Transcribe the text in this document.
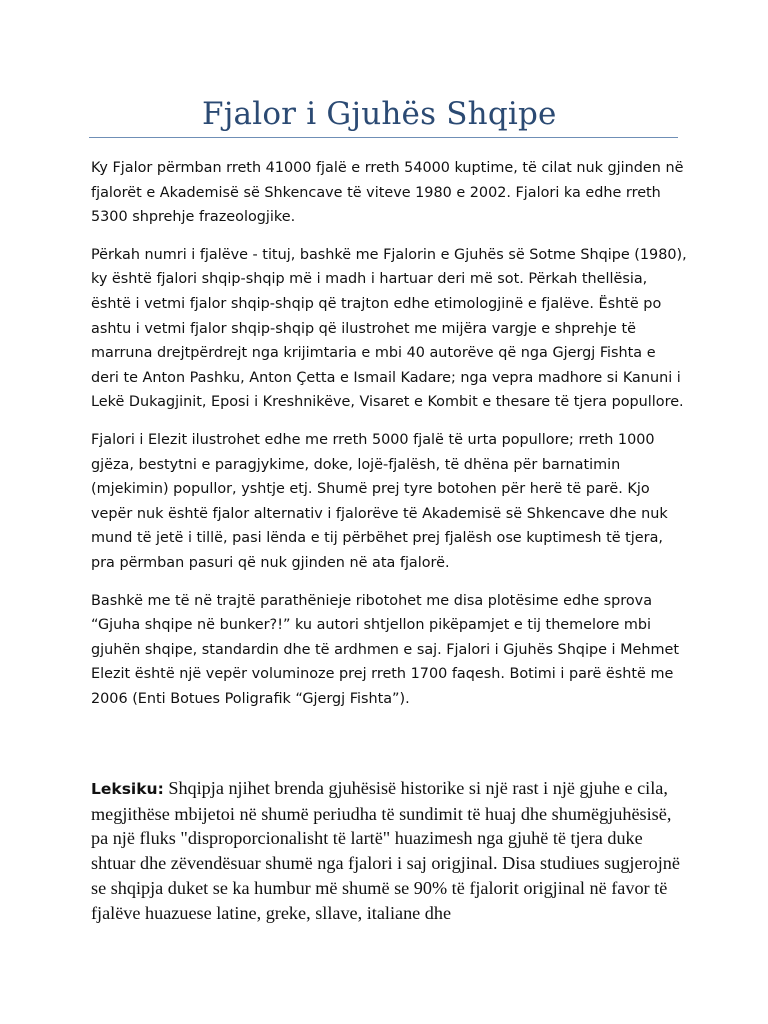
Fjalor i Gjuhës Shqipe

Ky Fjalor përmban rreth 41000 fjalë e rreth 54000 kuptime, të cilat nuk gjinden në fjalorët e Akademisë së Shkencave të viteve 1980 e 2002. Fjalori ka edhe rreth 5300 shprehje frazeologjike.

Përkah numri i fjalëve - tituj, bashkë me Fjalorin e Gjuhës së Sotme Shqipe (1980), ky është fjalori shqip-shqip më i madh i hartuar deri më sot. Përkah thellësia, është i vetmi fjalor shqip-shqip që trajton edhe etimologjinë e fjalëve. Është po ashtu i vetmi fjalor shqip-shqip që ilustrohet me mijëra vargje e shprehje të marruna drejtpërdrejt nga krijimtaria e mbi 40 autorëve që nga Gjergj Fishta e deri te Anton Pashku, Anton Çetta e Ismail Kadare; nga vepra madhore si Kanuni i Lekë Dukagjinit, Eposi i Kreshnikëve, Visaret e Kombit e thesare të tjera popullore.

Fjalori i Elezit ilustrohet edhe me rreth 5000 fjalë të urta popullore; rreth 1000 gjëza, bestytni e paragjykime, doke, lojë-fjalësh, të dhëna për barnatimin (mjekimin) popullor, yshtje etj. Shumë prej tyre botohen për herë të parë. Kjo vepër nuk është fjalor alternativ i fjalorëve të Akademisë së Shkencave dhe nuk mund të jetë i tillë, pasi lënda e tij përbëhet prej fjalësh ose kuptimesh të tjera, pra përmban pasuri që nuk gjinden në ata fjalorë.

Bashkë me të në trajtë parathënieje ribotohet me disa plotësime edhe sprova “Gjuha shqipe në bunker?!” ku autori shtjellon pikëpamjet e tij themelore mbi gjuhën shqipe, standardin dhe të ardhmen e saj. Fjalori i Gjuhës Shqipe i Mehmet Elezit është një vepër voluminoze prej rreth 1700 faqesh. Botimi i parë është me 2006 (Enti Botues Poligrafik “Gjergj Fishta”).

Leksiku: Shqipja njihet brenda gjuhësisë historike si një rast i një gjuhe e cila, megjithëse mbijetoi në shumë periudha të sundimit të huaj dhe shumëgjuhësisë, pa një fluks "disproporcionalisht të lartë" huazimesh nga gjuhë të tjera duke shtuar dhe zëvendësuar shumë nga fjalori i saj origjinal. Disa studiues sugjerojnë se shqipja duket se ka humbur më shumë se 90% të fjalorit origjinal në favor të fjalëve huazuese latine, greke, sllave, italiane dhe
